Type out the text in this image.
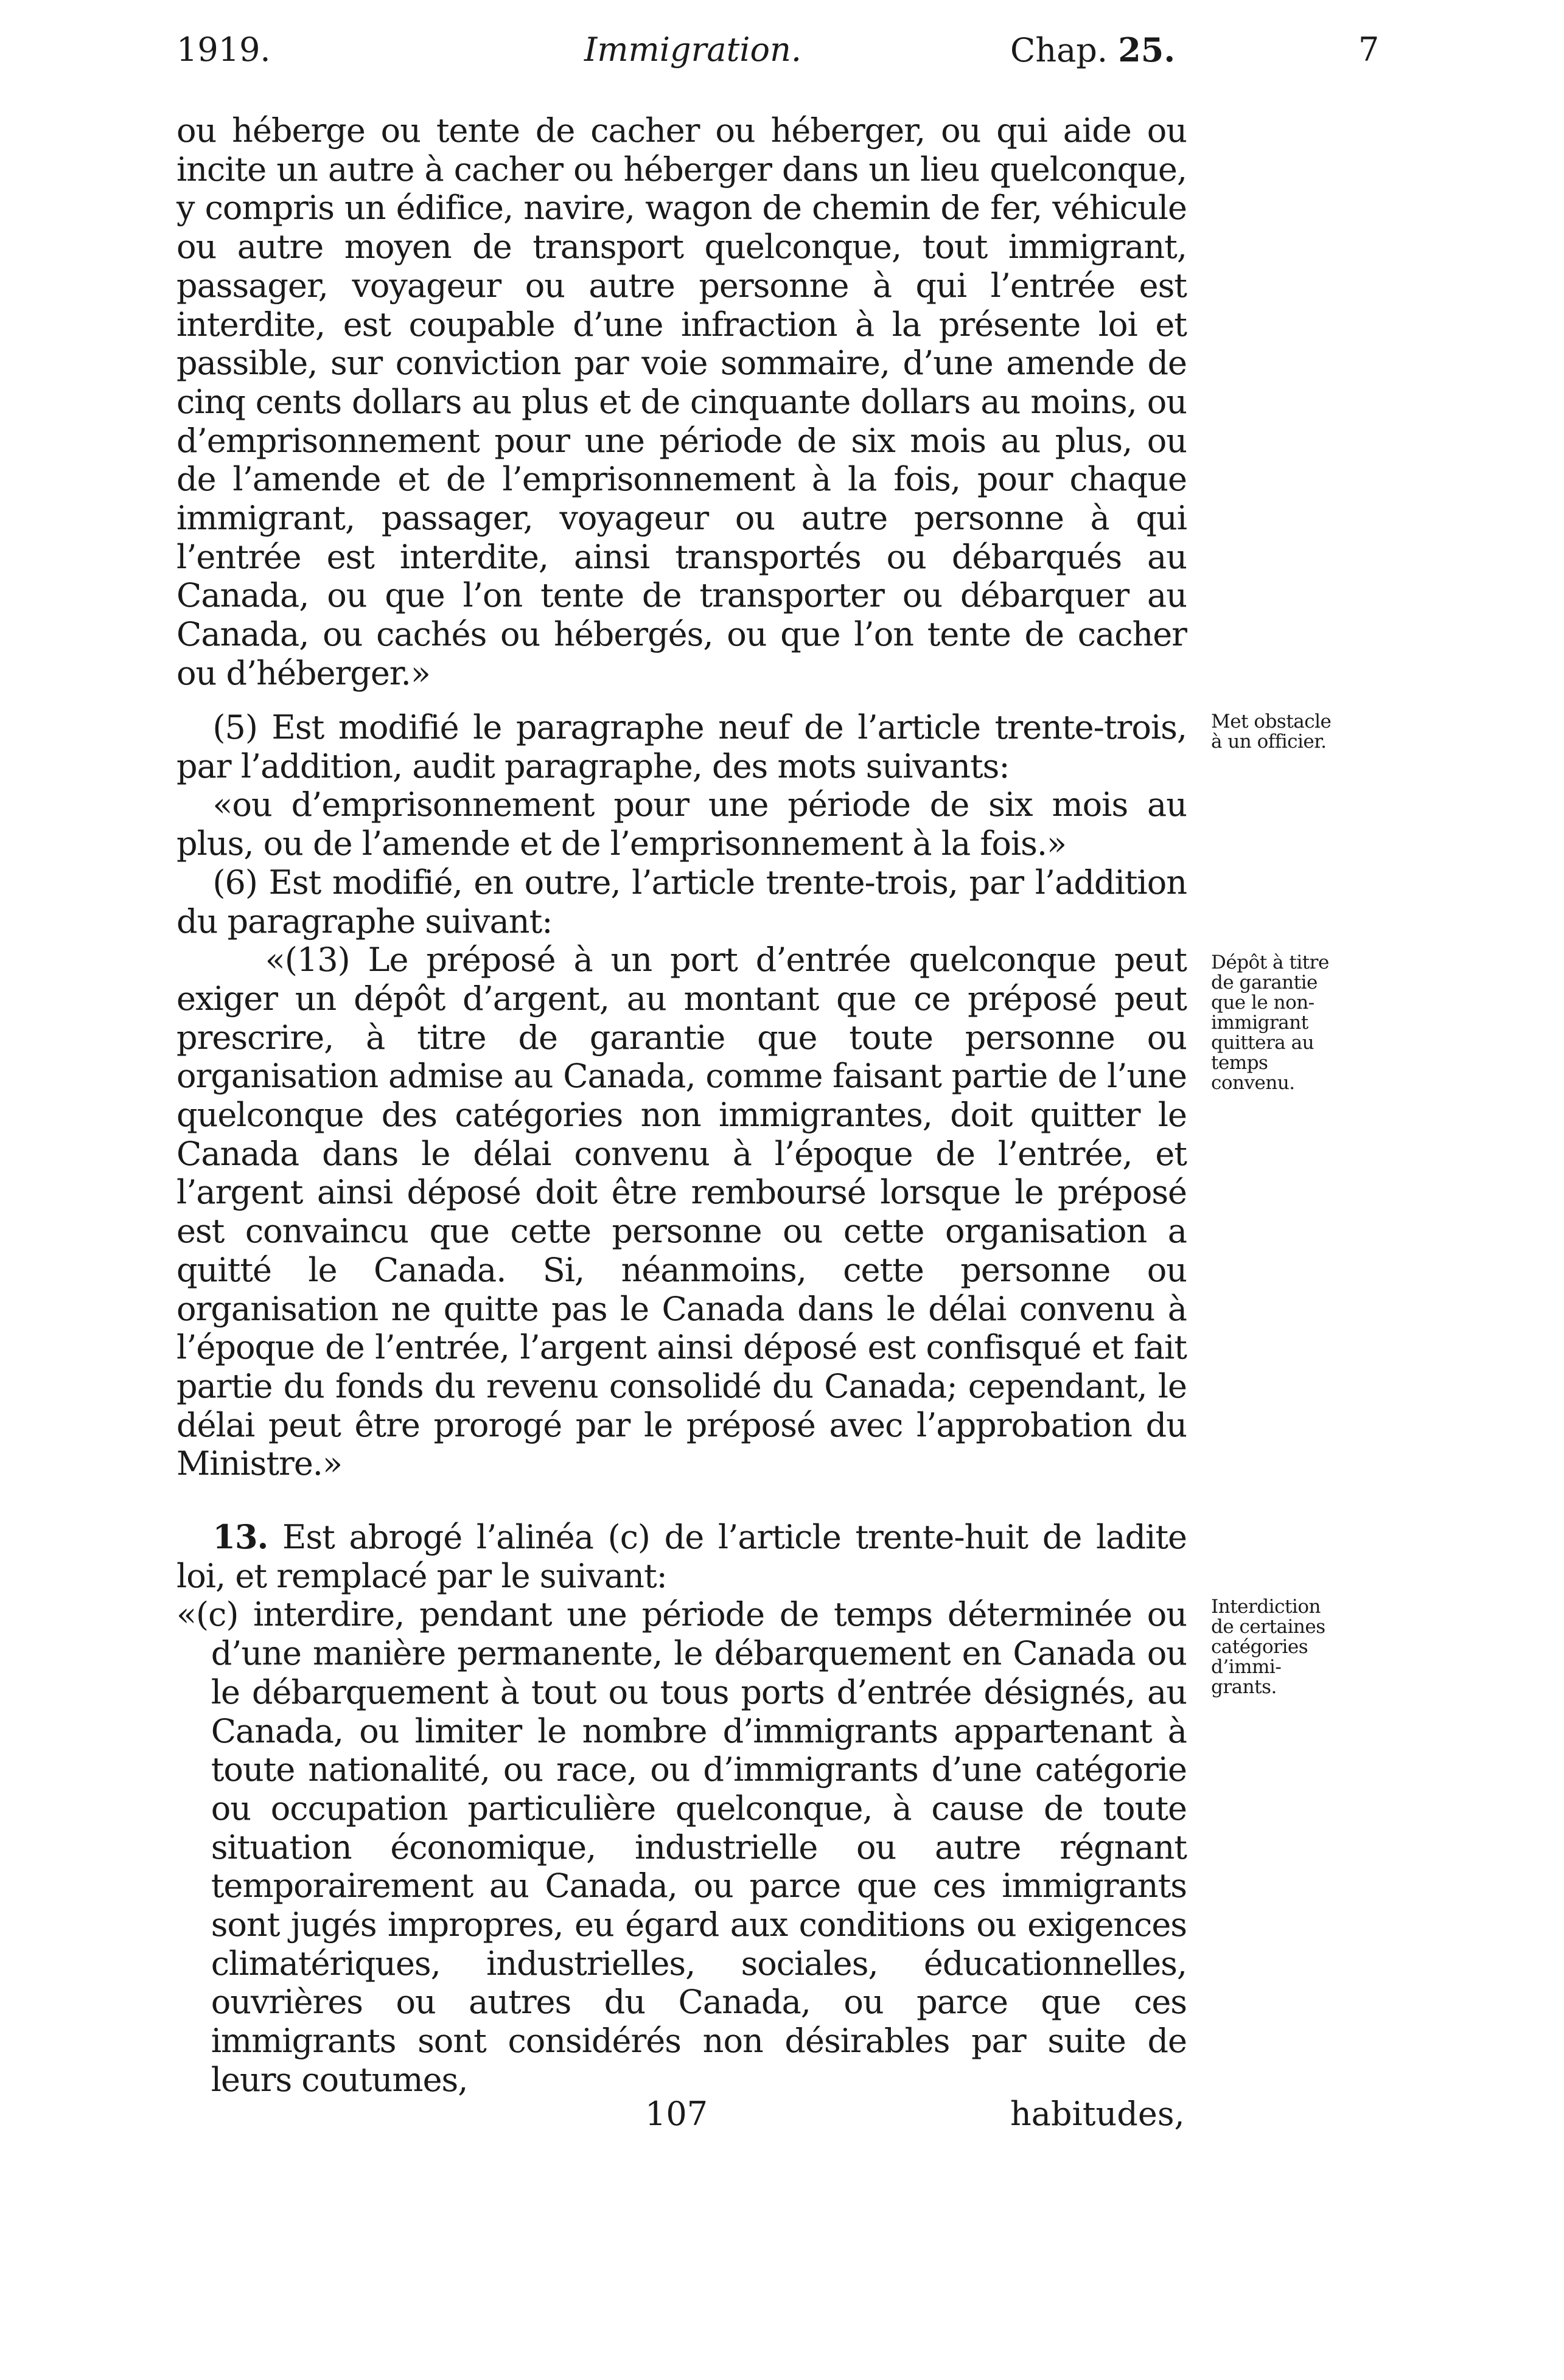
1919.	Immigration.	Chap. 25.	7

ou héberge ou tente de cacher ou héberger, ou qui aide ou incite un autre à cacher ou héberger dans un lieu quelconque, y compris un édifice, navire, wagon de chemin de fer, véhicule ou autre moyen de transport quelconque, tout immigrant, passager, voyageur ou autre personne à qui l’entrée est interdite, est coupable d’une infraction à la présente loi et passible, sur conviction par voie sommaire, d’une amende de cinq cents dollars au plus et de cinquante dollars au moins, ou d’emprisonnement pour une période de six mois au plus, ou de l’amende et de l’emprisonnement à la fois, pour chaque immigrant, passager, voyageur ou autre personne à qui l’entrée est interdite, ainsi transportés ou débarqués au Canada, ou que l’on tente de transporter ou débarquer au Canada, ou cachés ou hébergés, ou que l’on tente de cacher ou d’héberger.»

(5) Est modifié le paragraphe neuf de l’article trente-trois, par l’addition, audit paragraphe, des mots suivants:

«ou d’emprisonnement pour une période de six mois au plus, ou de l’amende et de l’emprisonnement à la fois.»

(6) Est modifié, en outre, l’article trente-trois, par l’addition du paragraphe suivant:

«(13) Le préposé à un port d’entrée quelconque peut exiger un dépôt d’argent, au montant que ce préposé peut prescrire, à titre de garantie que toute personne ou organisation admise au Canada, comme faisant partie de l’une quelconque des catégories non immigrantes, doit quitter le Canada dans le délai convenu à l’époque de l’entrée, et l’argent ainsi déposé doit être remboursé lorsque le préposé est convaincu que cette personne ou cette organisation a quitté le Canada. Si, néanmoins, cette personne ou organisation ne quitte pas le Canada dans le délai convenu à l’époque de l’entrée, l’argent ainsi déposé est confisqué et fait partie du fonds du revenu consolidé du Canada; cependant, le délai peut être prorogé par le préposé avec l’approbation du Ministre.»

13. Est abrogé l’alinéa (c) de l’article trente-huit de ladite loi, et remplacé par le suivant:

«(c) interdire, pendant une période de temps déterminée ou d’une manière permanente, le débarquement en Canada ou le débarquement à tout ou tous ports d’entrée désignés, au Canada, ou limiter le nombre d’immigrants appartenant à toute nationalité, ou race, ou d’immigrants d’une catégorie ou occupation particulière quelconque, à cause de toute situation économique, industrielle ou autre régnant temporairement au Canada, ou parce que ces immigrants sont jugés impropres, eu égard aux conditions ou exigences climatériques, industrielles, sociales, éducationnelles, ouvrières ou autres du Canada, ou parce que ces immigrants sont considérés non désirables par suite de leurs coutumes,

Met obstacle
à un officier.
Dépôt à titre
de garantie
que le non-
immigrant
quittera au
temps
convenu.
Interdiction
de certaines
catégories
d’immi-
grants.
107	habitudes,
